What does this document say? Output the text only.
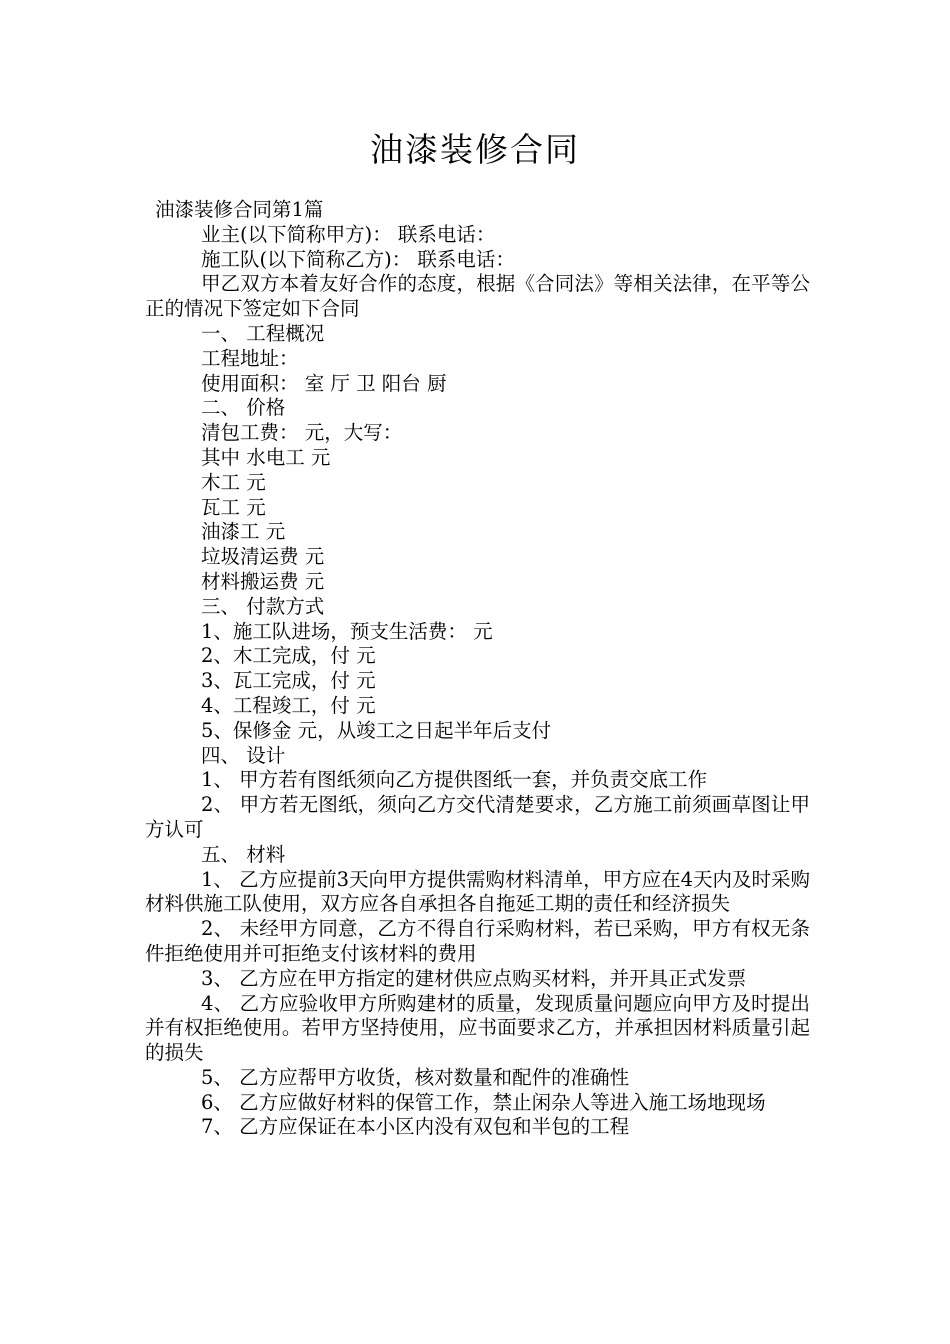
油漆装修合同
油漆装修合同第1篇
业主(以下简称甲方)： 联系电话：
施工队(以下简称乙方)： 联系电话：
甲乙双方本着友好合作的态度，根据《合同法》等相关法律，在平等公正的情况下签定如下合同
一、 工程概况
工程地址：
使用面积： 室 厅 卫 阳台 厨
二、 价格
清包工费： 元，大写：
其中 水电工 元
木工 元
瓦工 元
油漆工 元
垃圾清运费 元
材料搬运费 元
三、 付款方式
1、施工队进场，预支生活费： 元
2、木工完成，付 元
3、瓦工完成，付 元
4、工程竣工，付 元
5、保修金 元，从竣工之日起半年后支付
四、 设计
1、 甲方若有图纸须向乙方提供图纸一套，并负责交底工作
2、 甲方若无图纸，须向乙方交代清楚要求，乙方施工前须画草图让甲方认可
五、 材料
1、 乙方应提前3天向甲方提供需购材料清单，甲方应在4天内及时采购材料供施工队使用，双方应各自承担各自拖延工期的责任和经济损失
2、 未经甲方同意，乙方不得自行采购材料，若已采购，甲方有权无条件拒绝使用并可拒绝支付该材料的费用
3、 乙方应在甲方指定的建材供应点购买材料，并开具正式发票
4、 乙方应验收甲方所购建材的质量，发现质量问题应向甲方及时提出并有权拒绝使用。若甲方坚持使用，应书面要求乙方，并承担因材料质量引起的损失
5、 乙方应帮甲方收货，核对数量和配件的准确性
6、 乙方应做好材料的保管工作，禁止闲杂人等进入施工场地现场
7、 乙方应保证在本小区内没有双包和半包的工程
